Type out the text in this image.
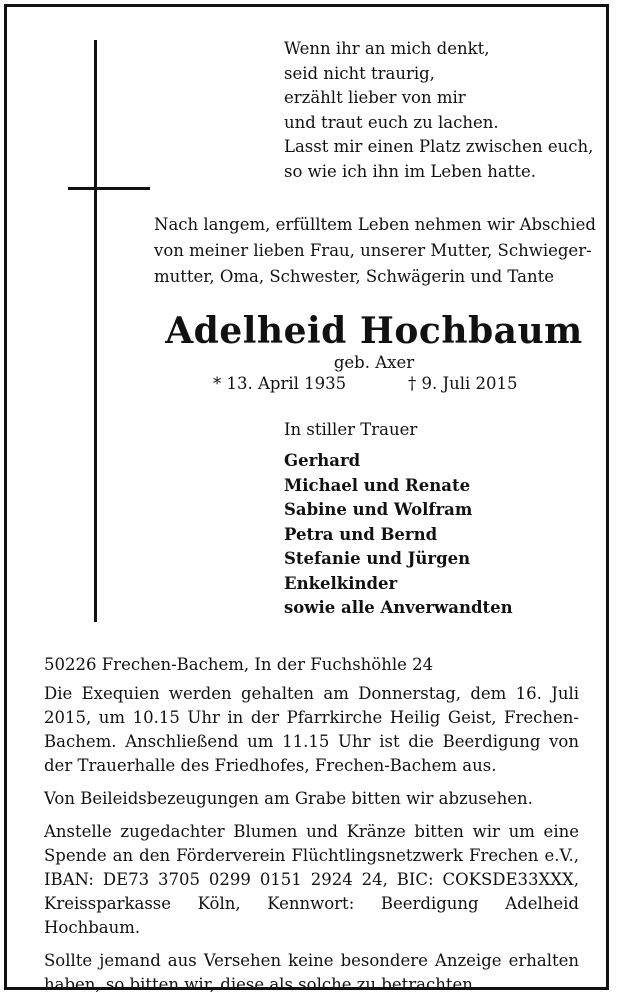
Wenn ihr an mich denkt,
seid nicht traurig,
erzählt lieber von mir
und traut euch zu lachen.
Lasst mir einen Platz zwischen euch,
so wie ich ihn im Leben hatte.
Nach langem, erfülltem Leben nehmen wir Abschied
von meiner lieben Frau, unserer Mutter, Schwieger-
mutter, Oma, Schwester, Schwägerin und Tante
Adelheid Hochbaum
geb. Axer
* 13. April 1935	† 9. Juli 2015
In stiller Trauer
Gerhard
Michael und Renate
Sabine und Wolfram
Petra und Bernd
Stefanie und Jürgen
Enkelkinder
sowie alle Anverwandten

50226 Frechen-Bachem, In der Fuchshöhle 24

Die Exequien werden gehalten am Donnerstag, dem 16. Juli 2015, um 10.15 Uhr in der Pfarrkirche Heilig Geist, Frechen-Bachem. Anschließend um 11.15 Uhr ist die Beerdigung von der Trauerhalle des Friedhofes, Frechen-Bachem aus.

Von Beileidsbezeugungen am Grabe bitten wir abzusehen.

Anstelle zugedachter Blumen und Kränze bitten wir um eine Spende an den Förderverein Flüchtlingsnetzwerk Frechen e.V., IBAN: DE73 3705 0299 0151 2924 24, BIC: COKSDE33XXX, Kreissparkasse Köln, Kennwort: Beerdigung Adelheid Hochbaum.

Sollte jemand aus Versehen keine besondere Anzeige erhalten haben, so bitten wir, diese als solche zu betrachten.
